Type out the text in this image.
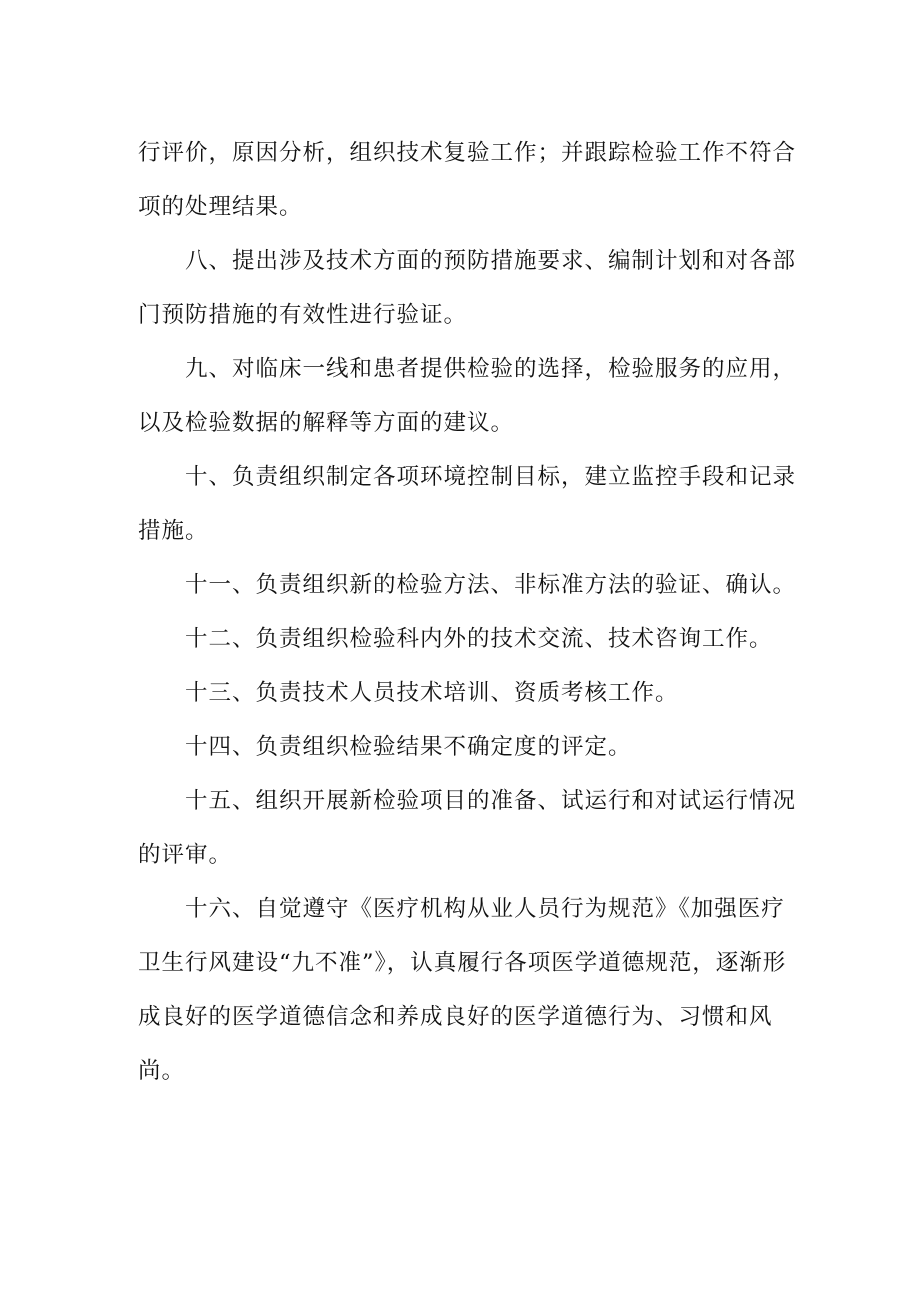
行评价，原因分析，组织技术复验工作；并跟踪检验工作不符合项的处理结果。

八、提出涉及技术方面的预防措施要求、编制计划和对各部门预防措施的有效性进行验证。

九、对临床一线和患者提供检验的选择，检验服务的应用，以及检验数据的解释等方面的建议。

十、负责组织制定各项环境控制目标，建立监控手段和记录措施。

十一、负责组织新的检验方法、非标准方法的验证、确认。

十二、负责组织检验科内外的技术交流、技术咨询工作。

十三、负责技术人员技术培训、资质考核工作。

十四、负责组织检验结果不确定度的评定。

十五、组织开展新检验项目的准备、试运行和对试运行情况的评审。

十六、自觉遵守《医疗机构从业人员行为规范》《加强医疗卫生行风建设“九不准”》，认真履行各项医学道德规范，逐渐形成良好的医学道德信念和养成良好的医学道德行为、习惯和风尚。
